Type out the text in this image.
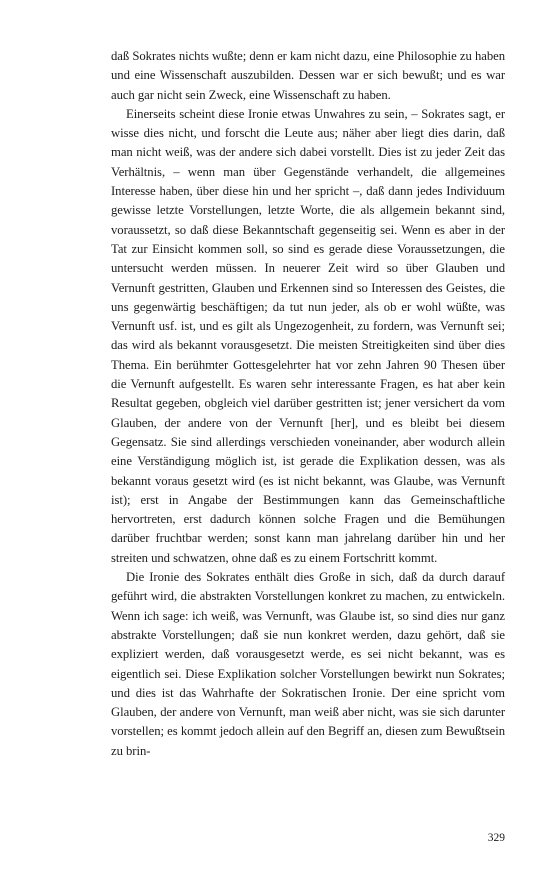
daß Sokrates nichts wußte; denn er kam nicht dazu, eine Philosophie zu haben und eine Wissenschaft auszubilden. Dessen war er sich bewußt; und es war auch gar nicht sein Zweck, eine Wissenschaft zu haben.

Einerseits scheint diese Ironie etwas Unwahres zu sein, – Sokrates sagt, er wisse dies nicht, und forscht die Leute aus; näher aber liegt dies darin, daß man nicht weiß, was der andere sich dabei vorstellt. Dies ist zu jeder Zeit das Verhältnis, – wenn man über Gegenstände verhandelt, die allgemeines Interesse haben, über diese hin und her spricht –, daß dann jedes Individuum gewisse letzte Vorstellungen, letzte Worte, die als allgemein bekannt sind, voraussetzt, so daß diese Bekanntschaft gegenseitig sei. Wenn es aber in der Tat zur Einsicht kommen soll, so sind es gerade diese Voraussetzungen, die untersucht werden müssen. In neuerer Zeit wird so über Glauben und Vernunft gestritten, Glauben und Erkennen sind so Interessen des Geistes, die uns gegenwärtig beschäftigen; da tut nun jeder, als ob er wohl wüßte, was Vernunft usf. ist, und es gilt als Ungezogenheit, zu fordern, was Vernunft sei; das wird als bekannt vorausgesetzt. Die meisten Streitigkeiten sind über dies Thema. Ein berühmter Gottesgelehrter hat vor zehn Jahren 90 Thesen über die Vernunft aufgestellt. Es waren sehr interessante Fragen, es hat aber kein Resultat gegeben, obgleich viel darüber gestritten ist; jener versichert da vom Glauben, der andere von der Vernunft [her], und es bleibt bei diesem Gegensatz. Sie sind allerdings verschieden voneinander, aber wodurch allein eine Verständigung möglich ist, ist gerade die Explikation dessen, was als bekannt voraus gesetzt wird (es ist nicht bekannt, was Glaube, was Vernunft ist); erst in Angabe der Bestimmungen kann das Gemeinschaftliche hervortreten, erst dadurch können solche Fragen und die Bemühungen darüber fruchtbar werden; sonst kann man jahrelang darüber hin und her streiten und schwatzen, ohne daß es zu einem Fortschritt kommt.

Die Ironie des Sokrates enthält dies Große in sich, daß da durch darauf geführt wird, die abstrakten Vorstellungen konkret zu machen, zu entwickeln. Wenn ich sage: ich weiß, was Vernunft, was Glaube ist, so sind dies nur ganz abstrakte Vorstellungen; daß sie nun konkret werden, dazu gehört, daß sie expliziert werden, daß vorausgesetzt werde, es sei nicht bekannt, was es eigentlich sei. Diese Explikation solcher Vorstellungen bewirkt nun Sokrates; und dies ist das Wahrhafte der Sokratischen Ironie. Der eine spricht vom Glauben, der andere von Vernunft, man weiß aber nicht, was sie sich darunter vorstellen; es kommt jedoch allein auf den Begriff an, diesen zum Bewußtsein zu brin-

329
